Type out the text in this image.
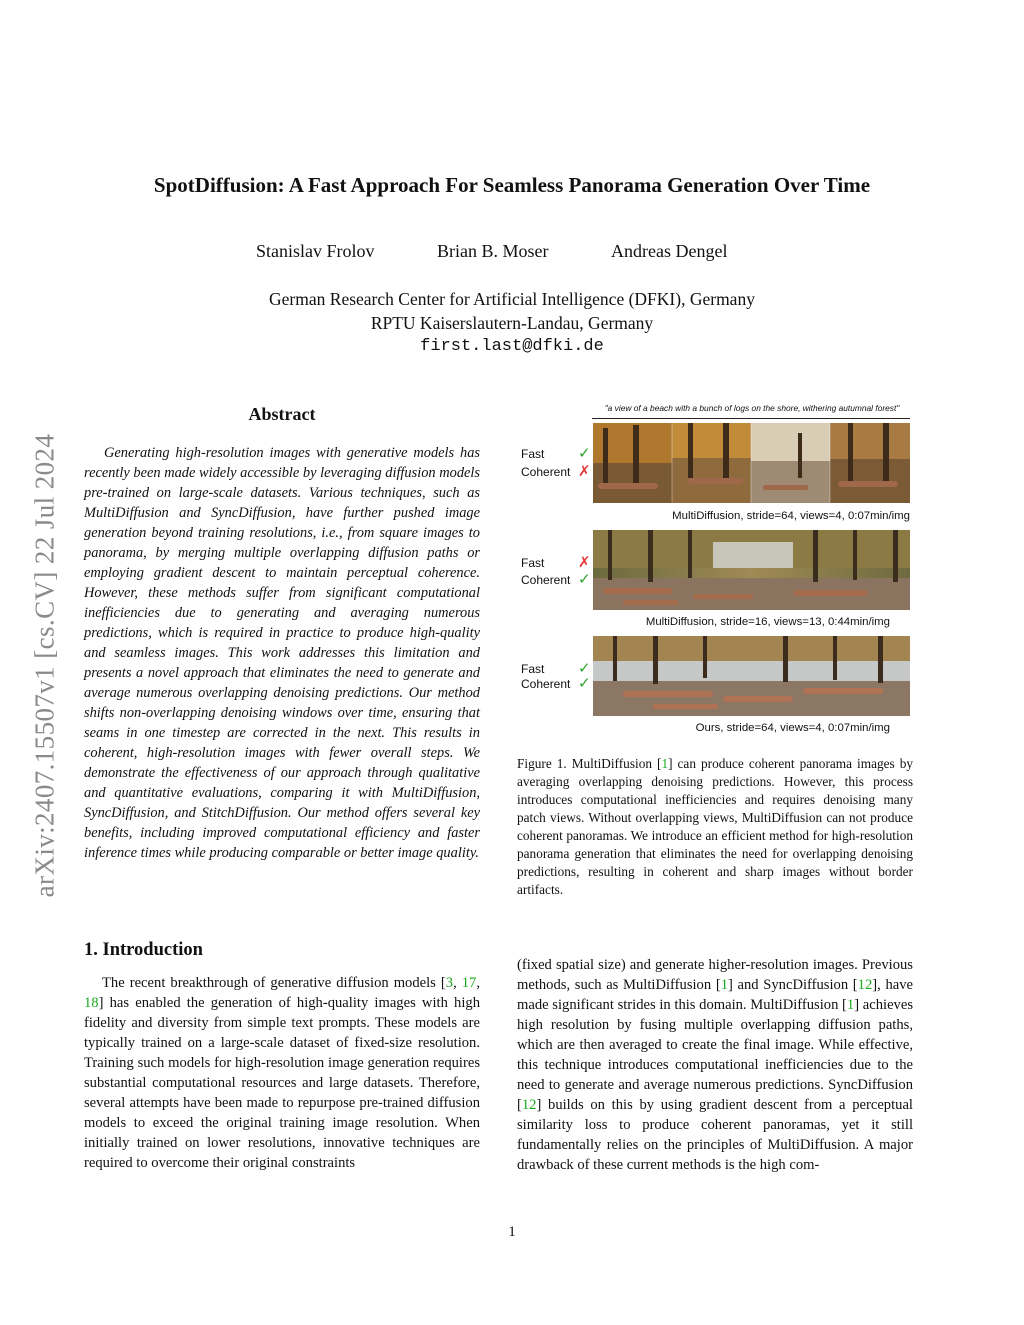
SpotDiffusion: A Fast Approach For Seamless Panorama Generation Over Time
Stanislav Frolov	Brian B. Moser	Andreas Dengel
German Research Center for Artificial Intelligence (DFKI), Germany
RPTU Kaiserslautern-Landau, Germany
first.last@dfki.de
arXiv:2407.15507v1 [cs.CV] 22 Jul 2024
Abstract

Generating high-resolution images with generative models has recently been made widely accessible by leveraging diffusion models pre-trained on large-scale datasets. Various techniques, such as MultiDiffusion and SyncDiffusion, have further pushed image generation beyond training resolutions, i.e., from square images to panorama, by merging multiple overlapping diffusion paths or employing gradient descent to maintain perceptual coherence. However, these methods suffer from significant computational inefficiencies due to generating and averaging numerous predictions, which is required in practice to produce high-quality and seamless images. This work addresses this limitation and presents a novel approach that eliminates the need to generate and average numerous overlapping denoising predictions. Our method shifts non-overlapping denoising windows over time, ensuring that seams in one timestep are corrected in the next. This results in coherent, high-resolution images with fewer overall steps. We demonstrate the effectiveness of our approach through qualitative and quantitative evaluations, comparing it with MultiDiffusion, SyncDiffusion, and StitchDiffusion. Our method offers several key benefits, including improved computational efficiency and faster inference times while producing comparable or better image quality.

"a view of a beach with a bunch of logs on the shore, withering autumnal forest"
Fast ✓
Coherent ✗
MultiDiffusion, stride=64, views=4, 0:07min/img
Fast ✗
Coherent ✓
MultiDiffusion, stride=16, views=13, 0:44min/img
Fast ✓
Coherent ✓
Ours, stride=64, views=4, 0:07min/img

Figure 1. MultiDiffusion [1] can produce coherent panorama images by averaging overlapping denoising predictions. However, this process introduces computational inefficiencies and requires denoising many patch views. Without overlapping views, MultiDiffusion can not produce coherent panoramas. We introduce an efficient method for high-resolution panorama generation that eliminates the need for overlapping denoising predictions, resulting in coherent and sharp images without border artifacts.

1. Introduction

The recent breakthrough of generative diffusion models [3, 17, 18] has enabled the generation of high-quality images with high fidelity and diversity from simple text prompts. These models are typically trained on a large-scale dataset of fixed-size resolution. Training such models for high-resolution image generation requires substantial computational resources and large datasets. Therefore, several attempts have been made to repurpose pre-trained diffusion models to exceed the original training image resolution. When initially trained on lower resolutions, innovative techniques are required to overcome their original constraints

(fixed spatial size) and generate higher-resolution images. Previous methods, such as MultiDiffusion [1] and SyncDiffusion [12], have made significant strides in this domain. MultiDiffusion [1] achieves high resolution by fusing multiple overlapping diffusion paths, which are then averaged to create the final image. While effective, this technique introduces computational inefficiencies due to the need to generate and average numerous predictions. SyncDiffusion [12] builds on this by using gradient descent from a perceptual similarity loss to produce coherent panoramas, yet it still fundamentally relies on the principles of MultiDiffusion. A major drawback of these current methods is the high com-

1
